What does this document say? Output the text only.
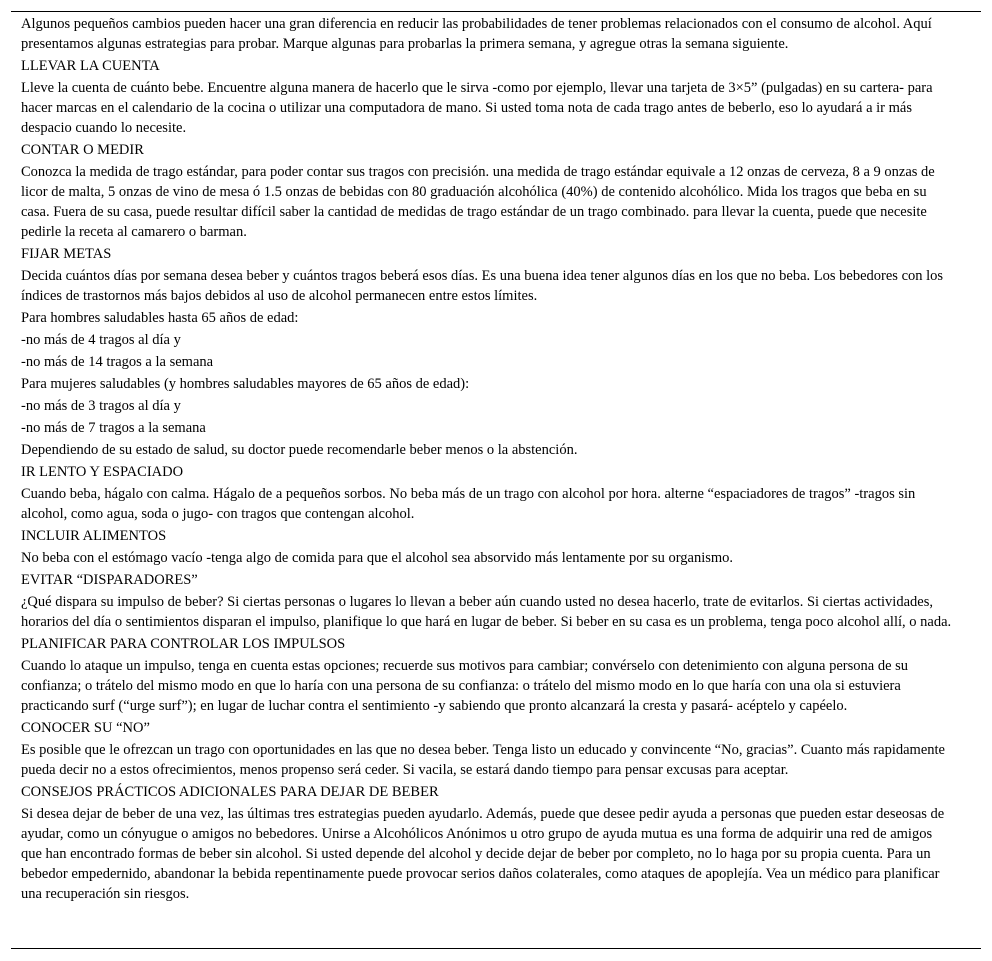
Algunos pequeños cambios pueden hacer una gran diferencia en reducir las probabilidades de tener problemas relacionados con el consumo de alcohol. Aquí presentamos algunas estrategias para probar. Marque algunas para probarlas la primera semana, y agregue otras la semana siguiente.

LLEVAR LA CUENTA

Lleve la cuenta de cuánto bebe. Encuentre alguna manera de hacerlo que le sirva -como por ejemplo, llevar una tarjeta de 3×5” (pulgadas) en su cartera- para hacer marcas en el calendario de la cocina o utilizar una computadora de mano. Si usted toma nota de cada trago antes de beberlo, eso lo ayudará a ir más despacio cuando lo necesite.

CONTAR O MEDIR

Conozca la medida de trago estándar, para poder contar sus tragos con precisión. una medida de trago estándar equivale a 12 onzas de cerveza, 8 a 9 onzas de licor de malta, 5 onzas de vino de mesa ó 1.5 onzas de bebidas con 80 graduación alcohólica (40%) de contenido alcohólico. Mida los tragos que beba en su casa. Fuera de su casa, puede resultar difícil saber la cantidad de medidas de trago estándar de un trago combinado. para llevar la cuenta, puede que necesite pedirle la receta al camarero o barman.

FIJAR METAS

Decida cuántos días por semana desea beber y cuántos tragos beberá esos días. Es una buena idea tener algunos días en los que no beba. Los bebedores con los índices de trastornos más bajos debidos al uso de alcohol permanecen entre estos límites.

Para hombres saludables hasta 65 años de edad:

-no más de 4 tragos al día y

-no más de 14 tragos a la semana

Para mujeres saludables (y hombres saludables mayores de 65 años de edad):

-no más de 3 tragos al día y

-no más de 7 tragos a la semana

Dependiendo de su estado de salud, su doctor puede recomendarle beber menos o la abstención.

IR LENTO Y ESPACIADO

Cuando beba, hágalo con calma. Hágalo de a pequeños sorbos. No beba más de un trago con alcohol por hora. alterne “espaciadores de tragos” -tragos sin alcohol, como agua, soda o jugo- con tragos que contengan alcohol.

INCLUIR ALIMENTOS

No beba con el estómago vacío -tenga algo de comida para que el alcohol sea absorvido más lentamente por su organismo.

EVITAR “DISPARADORES”

¿Qué dispara su impulso de beber? Si ciertas personas o lugares lo llevan a beber aún cuando usted no desea hacerlo, trate de evitarlos. Si ciertas actividades, horarios del día o sentimientos disparan el impulso, planifique lo que hará en lugar de beber. Si beber en su casa es un problema, tenga poco alcohol allí, o nada.

PLANIFICAR PARA CONTROLAR LOS IMPULSOS

Cuando lo ataque un impulso, tenga en cuenta estas opciones; recuerde sus motivos para cambiar; convérselo con detenimiento con alguna persona de su confianza; o trátelo del mismo modo en que lo haría con una persona de su confianza: o trátelo del mismo modo en lo que haría con una ola si estuviera practicando surf (“urge surf”); en lugar de luchar contra el sentimiento -y sabiendo que pronto alcanzará la cresta y pasará- acéptelo y capéelo.

CONOCER SU “NO”

Es posible que le ofrezcan un trago con oportunidades en las que no desea beber. Tenga listo un educado y convincente “No, gracias”. Cuanto más rapidamente pueda decir no a estos ofrecimientos, menos propenso será ceder. Si vacila, se estará dando tiempo para pensar excusas para aceptar.

CONSEJOS PRÁCTICOS ADICIONALES PARA DEJAR DE BEBER

Si desea dejar de beber de una vez, las últimas tres estrategias pueden ayudarlo. Además, puede que desee pedir ayuda a personas que pueden estar deseosas de ayudar, como un cónyugue o amigos no bebedores. Unirse a Alcohólicos Anónimos u otro grupo de ayuda mutua es una forma de adquirir una red de amigos que han encontrado formas de beber sin alcohol. Si usted depende del alcohol y decide dejar de beber por completo, no lo haga por su propia cuenta. Para un bebedor empedernido, abandonar la bebida repentinamente puede provocar serios daños colaterales, como ataques de apoplejía. Vea un médico para planificar una recuperación sin riesgos.
